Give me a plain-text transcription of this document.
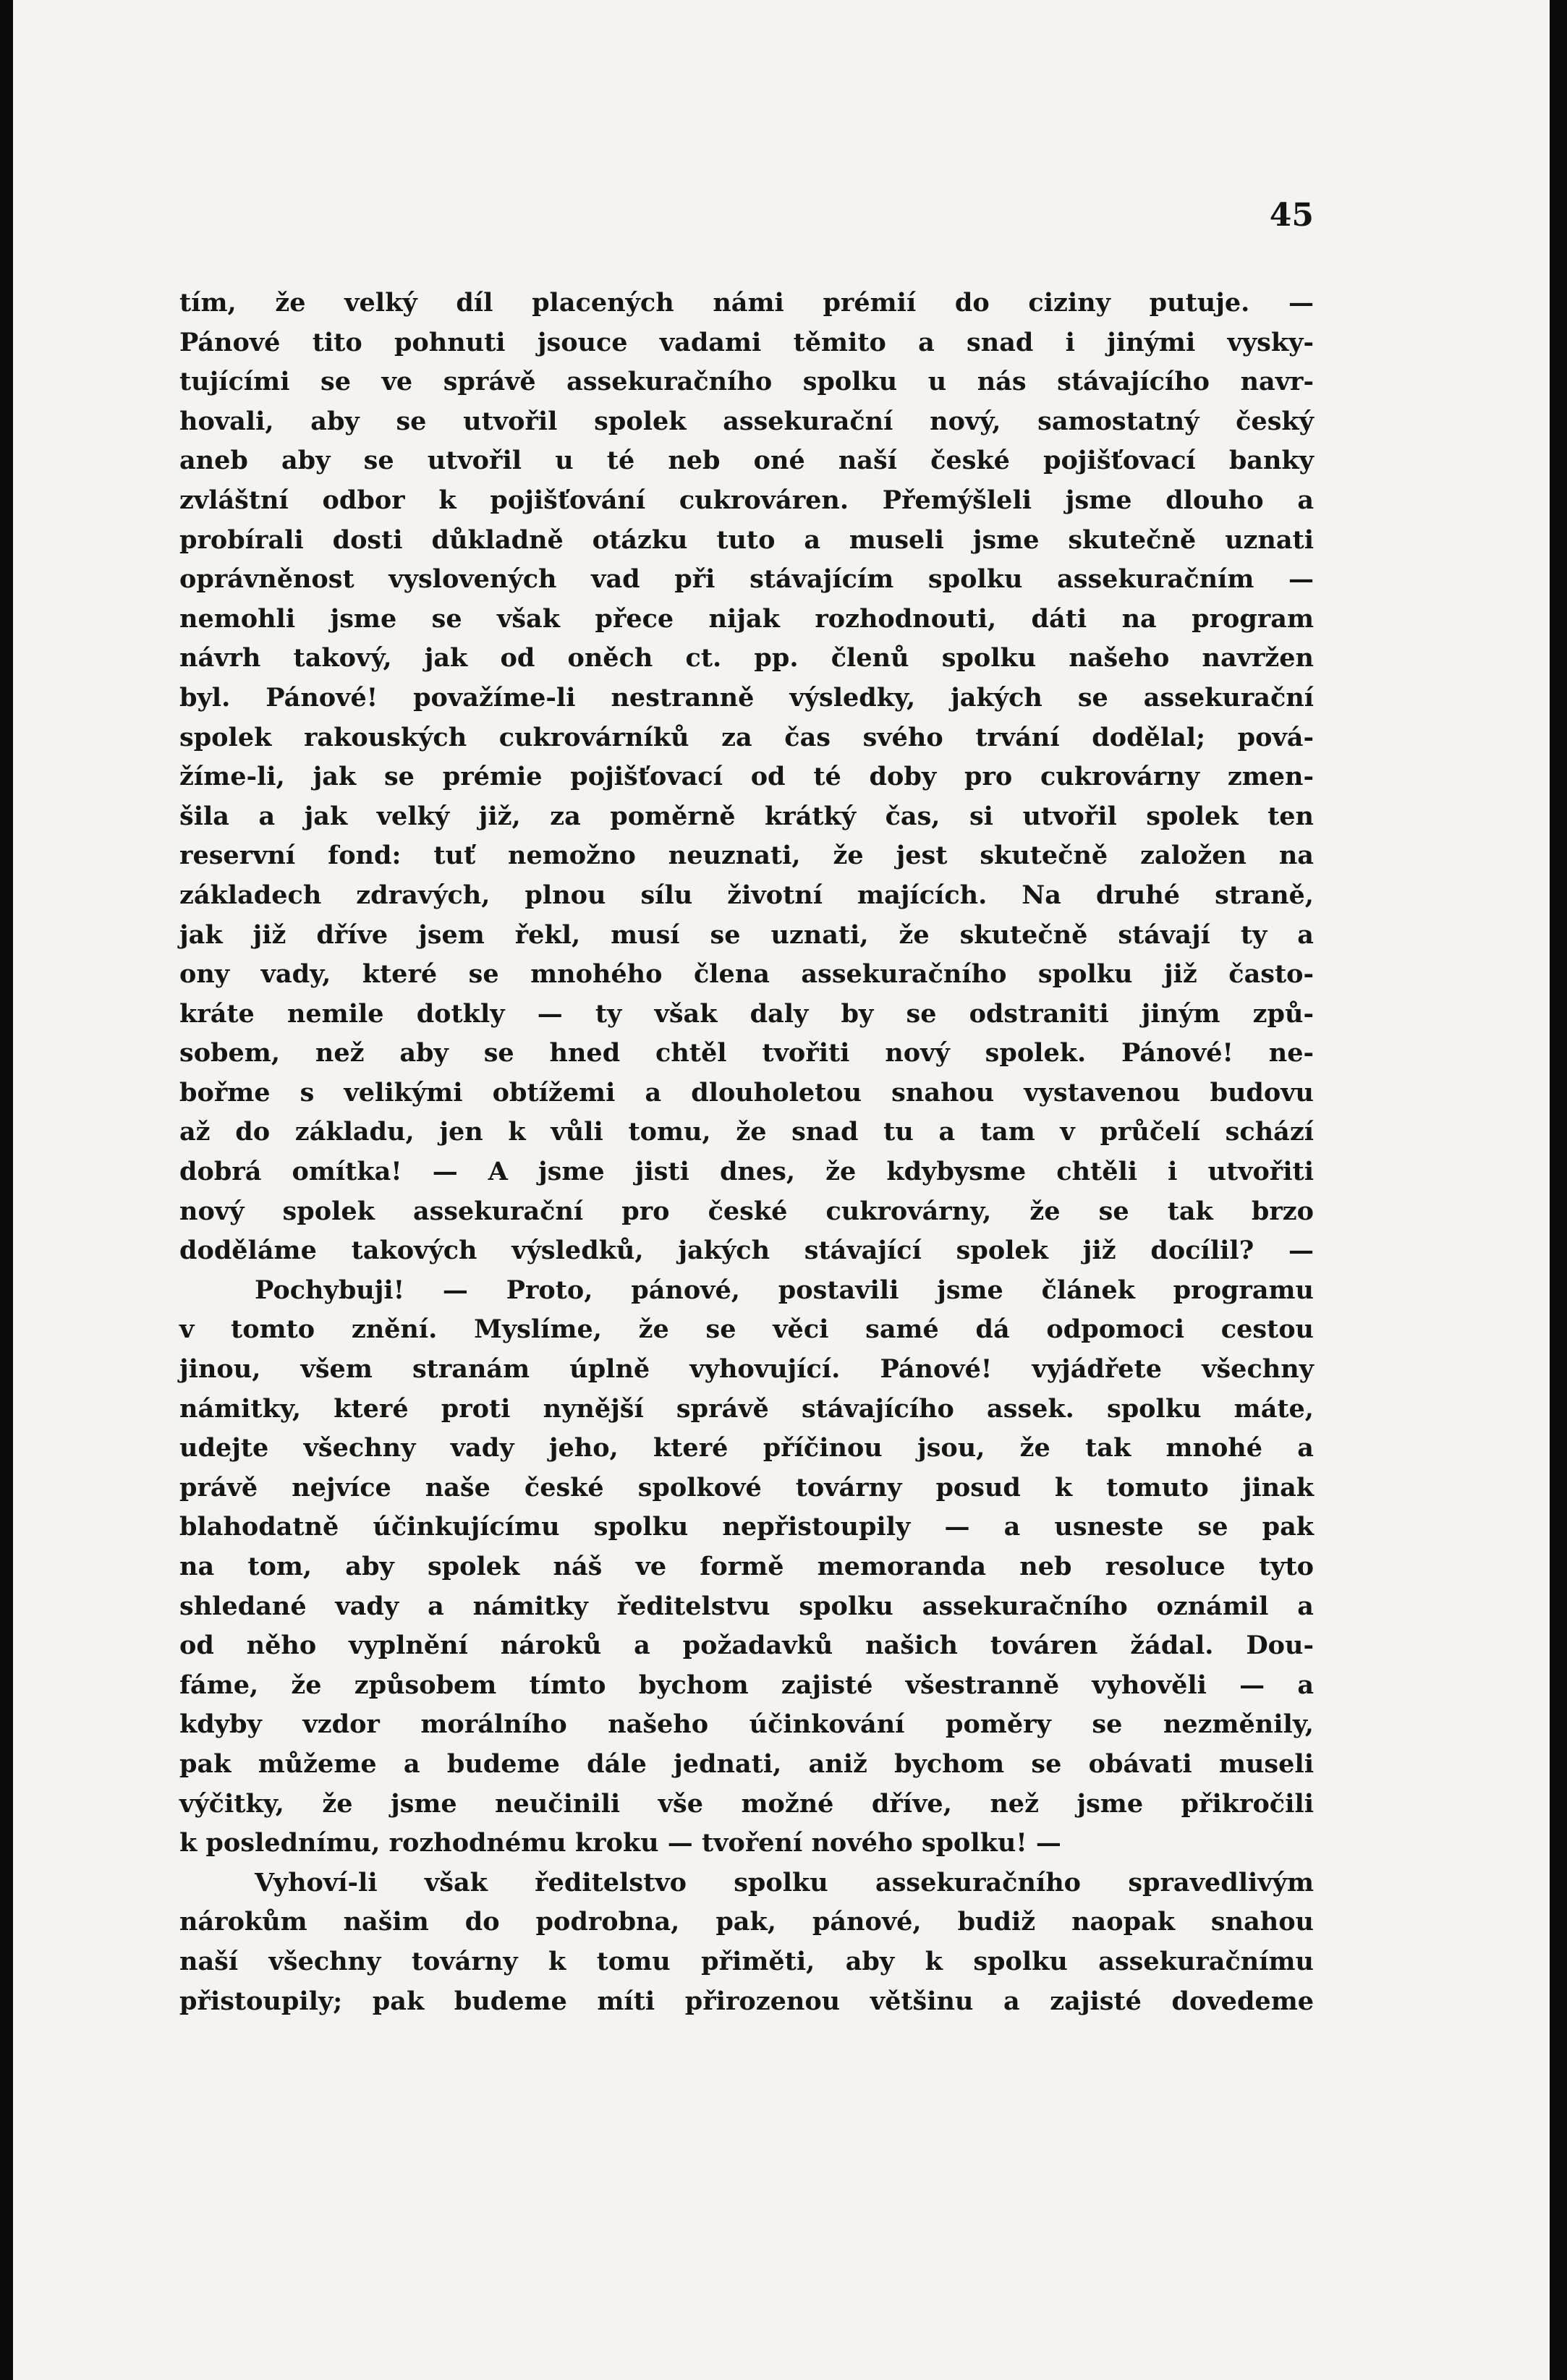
45
tím, že velký díl placených námi prémií do ciziny putuje. —
Pánové tito pohnuti jsouce vadami těmito a snad i jinými vysky-
tujícími se ve správě assekuračního spolku u nás stávajícího navr-
hovali, aby se utvořil spolek assekurační nový, samostatný český
aneb aby se utvořil u té neb oné naší české pojišťovací banky
zvláštní odbor k pojišťování cukrováren. Přemýšleli jsme dlouho a
probírali dosti důkladně otázku tuto a museli jsme skutečně uznati
oprávněnost vyslovených vad při stávajícím spolku assekuračním —
nemohli jsme se však přece nijak rozhodnouti, dáti na program
návrh takový, jak od oněch ct. pp. členů spolku našeho navržen
byl. Pánové! považíme-li nestranně výsledky, jakých se assekurační
spolek rakouských cukrovárníků za čas svého trvání dodělal; pová-
žíme-li, jak se prémie pojišťovací od té doby pro cukrovárny zmen-
šila a jak velký již, za poměrně krátký čas, si utvořil spolek ten
reservní fond: tuť nemožno neuznati, že jest skutečně založen na
základech zdravých, plnou sílu životní majících. Na druhé straně,
jak již dříve jsem řekl, musí se uznati, že skutečně stávají ty a
ony vady, které se mnohého člena assekuračního spolku již často-
kráte nemile dotkly — ty však daly by se odstraniti jiným způ-
sobem, než aby se hned chtěl tvořiti nový spolek. Pánové! ne-
bořme s velikými obtížemi a dlouholetou snahou vystavenou budovu
až do základu, jen k vůli tomu, že snad tu a tam v průčelí schází
dobrá omítka! — A jsme jisti dnes, že kdybysme chtěli i utvořiti
nový spolek assekurační pro české cukrovárny, že se tak brzo
doděláme takových výsledků, jakých stávající spolek již docílil? —
Pochybuji! — Proto, pánové, postavili jsme článek programu
v tomto znění. Myslíme, že se věci samé dá odpomoci cestou
jinou, všem stranám úplně vyhovující. Pánové! vyjádřete všechny
námitky, které proti nynější správě stávajícího assek. spolku máte,
udejte všechny vady jeho, které příčinou jsou, že tak mnohé a
právě nejvíce naše české spolkové továrny posud k tomuto jinak
blahodatně účinkujícímu spolku nepřistoupily — a usneste se pak
na tom, aby spolek náš ve formě memoranda neb resoluce tyto
shledané vady a námitky ředitelstvu spolku assekuračního oznámil a
od něho vyplnění nároků a požadavků našich továren žádal. Dou-
fáme, že způsobem tímto bychom zajisté všestranně vyhověli — a
kdyby vzdor morálního našeho účinkování poměry se nezměnily,
pak můžeme a budeme dále jednati, aniž bychom se obávati museli
výčitky, že jsme neučinili vše možné dříve, než jsme přikročili
k poslednímu, rozhodnému kroku — tvoření nového spolku! —
Vyhoví-li však ředitelstvo spolku assekuračního spravedlivým
nárokům našim do podrobna, pak, pánové, budiž naopak snahou
naší všechny továrny k tomu přiměti, aby k spolku assekuračnímu
přistoupily; pak budeme míti přirozenou většinu a zajisté dovedeme
